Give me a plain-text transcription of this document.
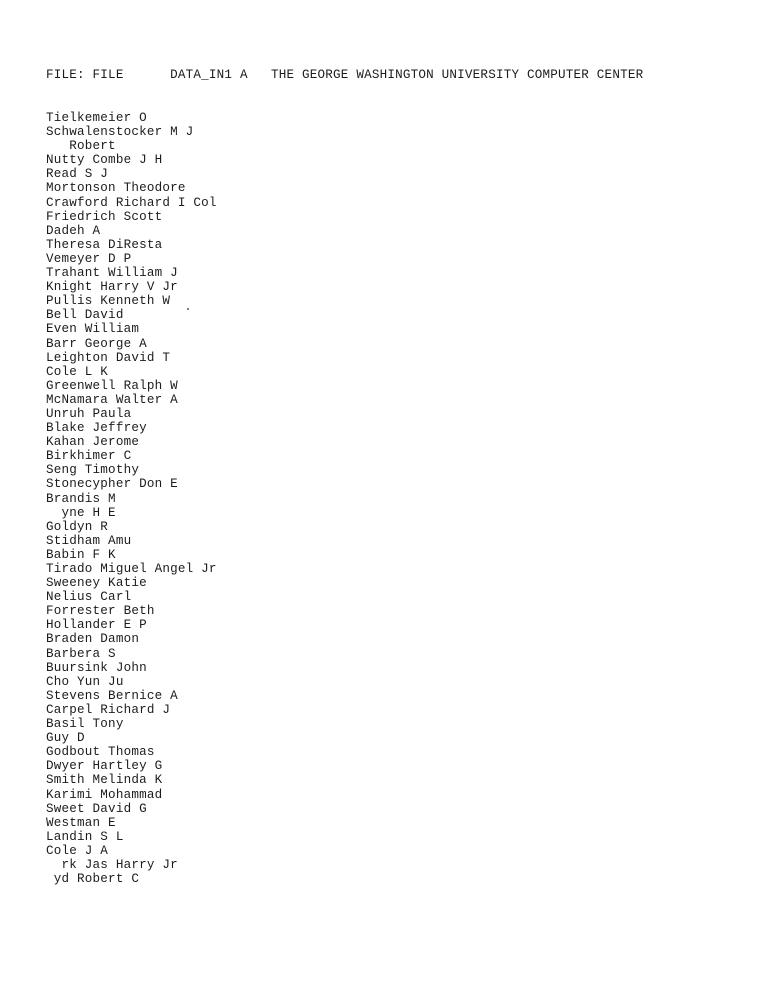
FILE: FILE	DATA_IN1 A THE GEORGE WASHINGTON UNIVERSITY COMPUTER CENTER
Tielkemeier O
Schwalenstocker M J
Robert
Nutty Combe J H
Read S J
Mortonson Theodore
Crawford Richard I Col
Friedrich Scott
Dadeh A
Theresa DiResta
Vemeyer D P
Trahant William J
Knight Harry V Jr
Pullis Kenneth W
Bell David
Even William
Barr George A
Leighton David T
Cole L K
Greenwell Ralph W
McNamara Walter A
Unruh Paula
Blake Jeffrey
Kahan Jerome
Birkhimer C
Seng Timothy
Stonecypher Don E
Brandis M
yne H E
Goldyn R
Stidham Amu
Babin F K
Tirado Miguel Angel Jr
Sweeney Katie
Nelius Carl
Forrester Beth
Hollander E P
Braden Damon
Barbera S
Buursink John
Cho Yun Ju
Stevens Bernice A
Carpel Richard J
Basil Tony
Guy D
Godbout Thomas
Dwyer Hartley G
Smith Melinda K
Karimi Mohammad
Sweet David G
Westman E
Landin S L
Cole J A
rk Jas Harry Jr
yd Robert C
